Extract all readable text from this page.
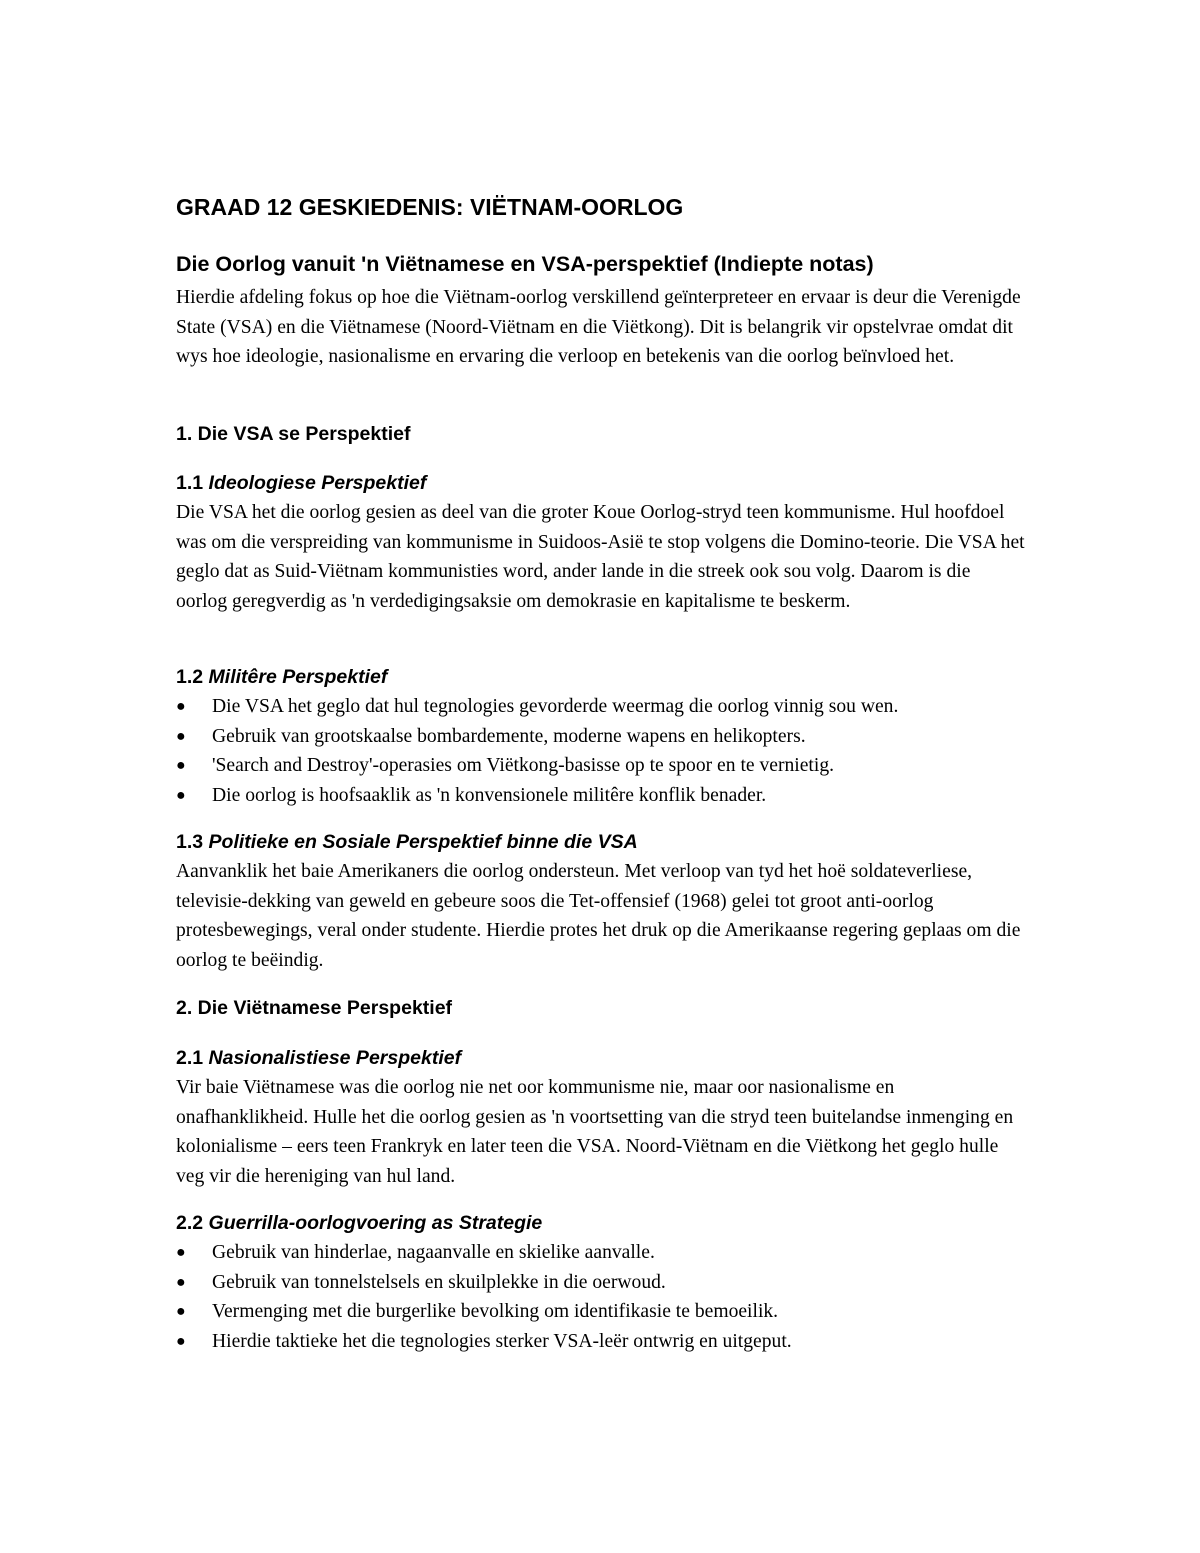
GRAAD 12 GESKIEDENIS: VIËTNAM-OORLOG
Die Oorlog vanuit 'n Viëtnamese en VSA-perspektief (Indiepte notas)

Hierdie afdeling fokus op hoe die Viëtnam-oorlog verskillend geïnterpreteer en ervaar is deur die Verenigde State (VSA) en die Viëtnamese (Noord-Viëtnam en die Viëtkong). Dit is belangrik vir opstelvrae omdat dit wys hoe ideologie, nasionalisme en ervaring die verloop en betekenis van die oorlog beïnvloed het.

1. Die VSA se Perspektief
1.1 Ideologiese Perspektief

Die VSA het die oorlog gesien as deel van die groter Koue Oorlog-stryd teen kommunisme. Hul hoofdoel was om die verspreiding van kommunisme in Suidoos-Asië te stop volgens die Domino-teorie. Die VSA het geglo dat as Suid-Viëtnam kommunisties word, ander lande in die streek ook sou volg. Daarom is die oorlog geregverdig as 'n verdedigingsaksie om demokrasie en kapitalisme te beskerm.

1.2 Militêre Perspektief
● Die VSA het geglo dat hul tegnologies gevorderde weermag die oorlog vinnig sou wen.
● Gebruik van grootskaalse bombardemente, moderne wapens en helikopters.
● 'Search and Destroy'-operasies om Viëtkong-basisse op te spoor en te vernietig.
● Die oorlog is hoofsaaklik as 'n konvensionele militêre konflik benader.
1.3 Politieke en Sosiale Perspektief binne die VSA

Aanvanklik het baie Amerikaners die oorlog ondersteun. Met verloop van tyd het hoë soldateverliese, televisie-dekking van geweld en gebeure soos die Tet-offensief (1968) gelei tot groot anti-oorlog protesbewegings, veral onder studente. Hierdie protes het druk op die Amerikaanse regering geplaas om die oorlog te beëindig.

2. Die Viëtnamese Perspektief
2.1 Nasionalistiese Perspektief

Vir baie Viëtnamese was die oorlog nie net oor kommunisme nie, maar oor nasionalisme en onafhanklikheid. Hulle het die oorlog gesien as 'n voortsetting van die stryd teen buitelandse inmenging en kolonialisme – eers teen Frankryk en later teen die VSA. Noord-Viëtnam en die Viëtkong het geglo hulle veg vir die hereniging van hul land.

2.2 Guerrilla-oorlogvoering as Strategie
● Gebruik van hinderlae, nagaanvalle en skielike aanvalle.
● Gebruik van tonnelstelsels en skuilplekke in die oerwoud.
● Vermenging met die burgerlike bevolking om identifikasie te bemoeilik.
● Hierdie taktieke het die tegnologies sterker VSA-leër ontwrig en uitgeput.
